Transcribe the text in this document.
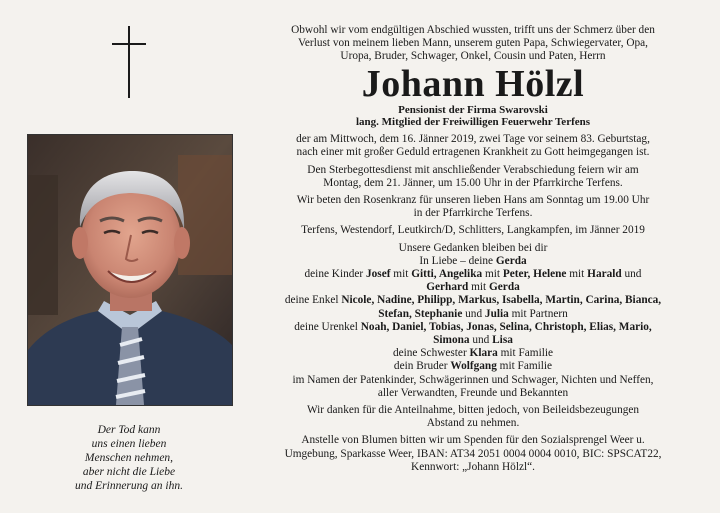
Der Tod kann
uns einen lieben
Menschen nehmen,
aber nicht die Liebe
und Erinnerung an ihn.

Obwohl wir vom endgültigen Abschied wussten, trifft uns der Schmerz über den
Verlust von meinem lieben Mann, unserem guten Papa, Schwiegervater, Opa,
Uropa, Bruder, Schwager, Onkel, Cousin und Paten, Herrn

Johann Hölzl

Pensionist der Firma Swarovski
lang. Mitglied der Freiwilligen Feuerwehr Terfens

der am Mittwoch, dem 16. Jänner 2019, zwei Tage vor seinem 83. Geburtstag,
nach einer mit großer Geduld ertragenen Krankheit zu Gott heimgegangen ist.

Den Sterbegottesdienst mit anschließender Verabschiedung feiern wir am
Montag, dem 21. Jänner, um 15.00 Uhr in der Pfarrkirche Terfens.

Wir beten den Rosenkranz für unseren lieben Hans am Sonntag um 19.00 Uhr
in der Pfarrkirche Terfens.

Terfens, Westendorf, Leutkirch/D, Schlitters, Langkampfen, im Jänner 2019

Unsere Gedanken bleiben bei dir
In Liebe – deine Gerda
deine Kinder Josef mit Gitti, Angelika mit Peter, Helene mit Harald und
Gerhard mit Gerda
deine Enkel Nicole, Nadine, Philipp, Markus, Isabella, Martin, Carina, Bianca,
Stefan, Stephanie und Julia mit Partnern
deine Urenkel Noah, Daniel, Tobias, Jonas, Selina, Christoph, Elias, Mario,
Simona und Lisa
deine Schwester Klara mit Familie
dein Bruder Wolfgang mit Familie
im Namen der Patenkinder, Schwägerinnen und Schwager, Nichten und Neffen,
aller Verwandten, Freunde und Bekannten

Wir danken für die Anteilnahme, bitten jedoch, von Beileidsbezeugungen
Abstand zu nehmen.

Anstelle von Blumen bitten wir um Spenden für den Sozialsprengel Weer u.
Umgebung, Sparkasse Weer, IBAN: AT34 2051 0004 0004 0010, BIC: SPSCAT22,
Kennwort: „Johann Hölzl“.
